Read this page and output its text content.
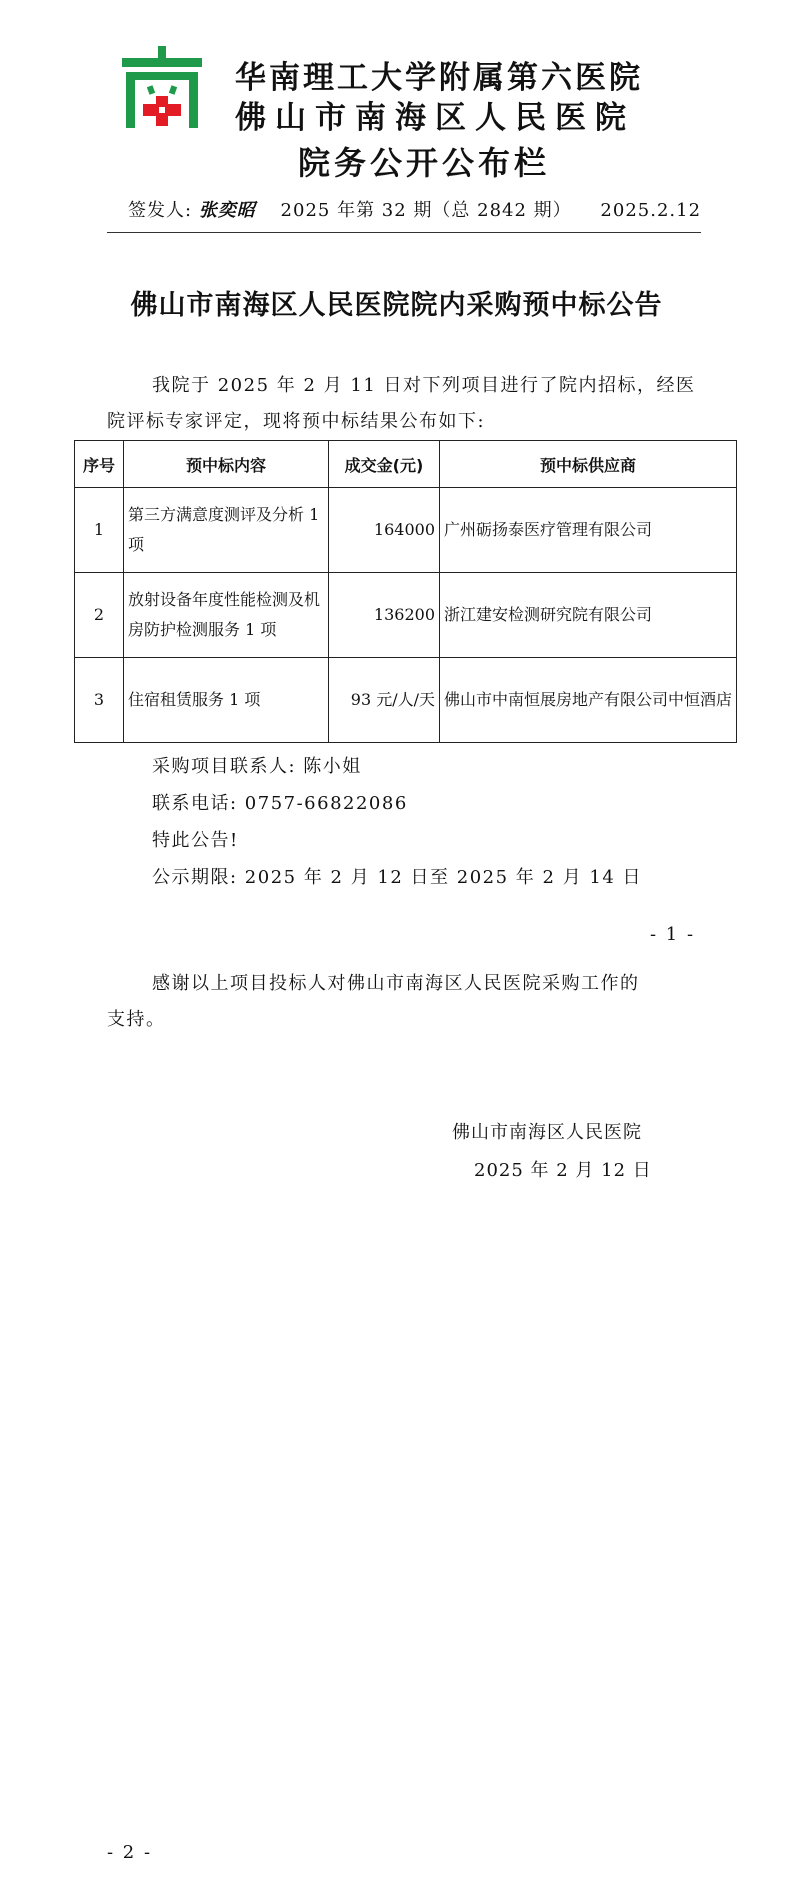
华南理工大学附属第六医院
佛山市南海区人民医院
院务公开公布栏
签发人: 张奕昭 2025 年第 32 期（总 2842 期） 2025.2.12
佛山市南海区人民医院院内采购预中标公告
我院于 2025 年 2 月 11 日对下列项目进行了院内招标，经医
院评标专家评定，现将预中标结果公布如下:
序号	预中标内容	成交金(元)	预中标供应商
1	第三方满意度测评及分析 1 项	164000	广州砺扬泰医疗管理有限公司
2	放射设备年度性能检测及机房防护检测服务 1 项	136200	浙江建安检测研究院有限公司
3	住宿租赁服务 1 项	93 元/人/天	佛山市中南恒展房地产有限公司中恒酒店
采购项目联系人: 陈小姐
联系电话: 0757-66822086
特此公告!
公示期限: 2025 年 2 月 12 日至 2025 年 2 月 14 日
- 1 -
感谢以上项目投标人对佛山市南海区人民医院采购工作的
支持。
佛山市南海区人民医院
2025 年 2 月 12 日
- 2 -
